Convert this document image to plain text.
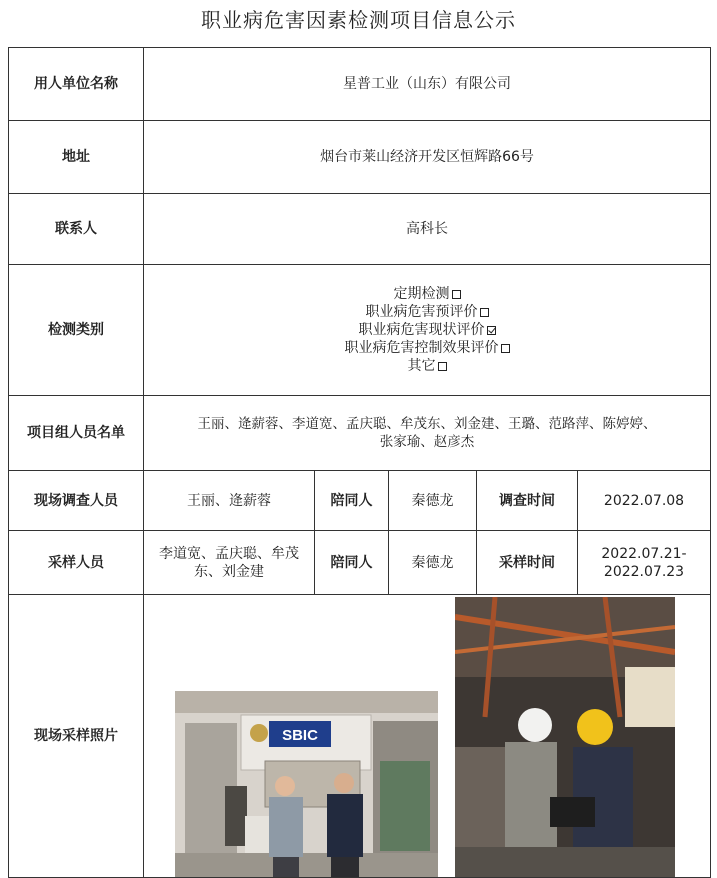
职业病危害因素检测项目信息公示
用人单位名称	星普工业（山东）有限公司				
地址	烟台市莱山经济开发区恒辉路66号				
联系人	高科长				
检测类别	定期检测
职业病危害预评价
职业病危害现状评价
职业病危害控制效果评价
其它				

项目组人员名单	王丽、逄薪蓉、李道宽、孟庆聪、牟茂东、刘金建、王璐、范路萍、陈婷婷、
张家瑜、赵彦杰				

现场调查人员	王丽、逄薪蓉	陪同人	秦德龙	调查时间	2022.07.08
采样人员	李道宽、孟庆聪、牟茂
东、刘金建	陪同人	秦德龙	采样时间	2022.07.21-
2022.07.23

现场采样照片	SBIC				
